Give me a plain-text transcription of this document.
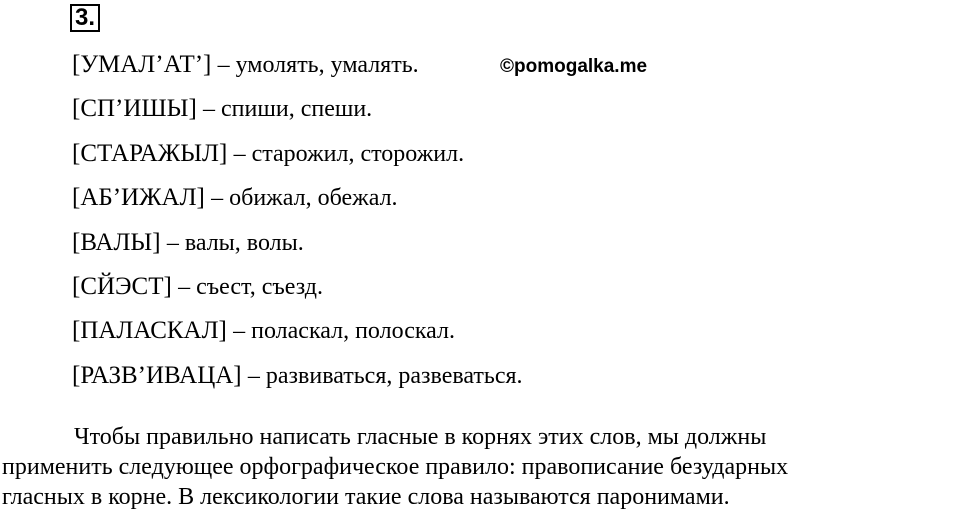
3.
[УМАЛ’АТ’] – умолять, умалять.
[СП’ИШЫ] – спиши, спеши.
[СТАРАЖЫЛ] – старожил, сторожил.
[АБ’ИЖАЛ] – обижал, обежал.
[ВАЛЫ] – валы, волы.
[СЙЭСТ] – съест, съезд.
[ПАЛАСКАЛ] – поласкал, полоскал.
[РАЗВ’ИВАЦА] – развиваться, развеваться.
©pomogalka.me

Чтобы правильно написать гласные в корнях этих слов, мы должны
применить следующее орфографическое правило: правописание безударных
гласных в корне. В лексикологии такие слова называются паронимами.
